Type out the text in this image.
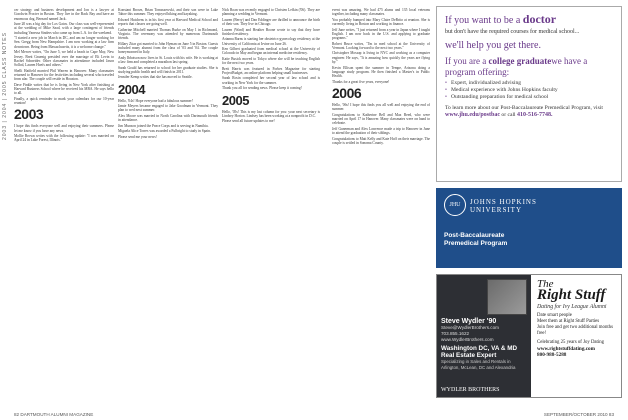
2003 | 2004 | 2005 CLASS NOTES

cer strategy and business development and Jon is a lawyer at Goodwin Procter in Boston. They live in the Back Bay and have an enormous dog, Bernard named Jack.

June 20 was a big day for Los Gatos. Our class was well-represented at the wedding of Mike Saad, with a large contingent of friends including Vanessa Sinders who came up from L.A. for the weekend.

"I started a new job in March in DC, and am no longer working for Sen. Gregg from New Hampshire. I am now working at a law firm downtown. Being from Massachusetts, it is a welcome change."

Mel Mercer writes, "On June 5, we held a beach in Cape May, New Jersey. Brett Gruenig presided over the marriage of Eli Levin to Rachel Schneider. Other classmates in attendance included Jason Sollod, Lauren Hoefs and others."

Shelli Hatfield married Phil Warren in Hanover. Many classmates returned to Hanover for the festivities including several who traveled from afar. The couple will reside in Houston.

Dave Finkle writes that he is living in New York after finishing at Harvard Business School where he received his MBA. He says hello to all.

Finally, a quick reminder to mark your calendars for our 10-year reunion!

2003

I hope this finds everyone well and enjoying their summers. Please let me know if you have any news.

Mollie Brown writes with the following update: "I was married on April 24 in Lake Forest, Illinois."

Konstant Brown, Brian Tomaszewski, and their son were in Lake Tahoe this summer. They enjoyed hiking and kayaking.

Edward Hutchens is in his first year at Harvard Medical School and reports that classes are going well.

Catherine Mitchell married Thomas Burke on May 1 in Richmond, Virginia. The ceremony was attended by numerous Dartmouth friends.

Hillary Zitar got married to John Hyman on June 5 in Boston. Guests included many alumni from the class of '03 and '04. The couple honeymooned in Italy.

Andy Ibbotson now lives in St. Louis with his wife. He is working at a law firm and completed a marathon last spring.

Sarah Gould has returned to school for her graduate studies. She is studying public health and will finish in 2011.

Jennifer Kemp writes that she has moved to Seattle.

2004

Hello, '04s! Hope everyone had a fabulous summer!

Jamie Meyers became engaged to Jake Goodman in Vermont. They plan to wed next summer.

Alex Moore was married in North Carolina with Dartmouth friends in attendance.

Jim Munson joined the Peace Corps and is serving in Namibia.

Miguela Alice Torres was awarded a Fulbright to study in Spain.

Please send me your news!

Nick Roan was recently engaged to Christen Lefkin ('06). They are planning a wedding in Vermont.

Lauren (Berry) and Dan Eddinger are thrilled to announce the birth of their son. They live in Chicago.

Lauren (Ward) and Heather Boone wrote to say that they have finished residency.

Arianna Barns is starting her obstetrics-gynecology residency at the University of California at Irvine on June 26.

Ken Gilbert graduated from medical school at the University of Colorado in May and began an internal medicine residency.

Katie Busick moved to Tokyo where she will be teaching English for the next two years.

Brett Harris was featured in Forbes Magazine for starting ProjectBudget, an online platform helping small businesses.

Sarah Rosin completed her second year of law school and is working in New York for the summer.

Thank you all for sending news. Please keep it coming!

2005

Hello, '05s! This is my last column for you: your next secretary is Lindsey Horton. Lindsey has been working at a nonprofit in D.C.

Please send all future updates to me!

event was amazing. We had 475 alums and 135 local veterans together, including many classmates.

You probably bumped into Mary Claire DeBrito at reunion. She is currently living in Boston and working in finance.

Jeff June writes, "I just returned from a year in Japan where I taught English. I am now back in the U.S. and applying to graduate programs."

Robert Bruce writes, "I'm in med school at the University of Vermont. Looking forward to the next two years."

Christopher Mossap is living in NYC and working as a computer engineer. He says, "It is amazing how quickly the years are flying by."

Kevin Ellison spent the summer in Tempe, Arizona doing a language study program. He then finished a Master's in Public Health.

Thanks for a great five years, everyone!

2006

Hello, '06s! I hope this finds you all well and enjoying the end of summer.

Congratulations to Katherine Bell and Max Reed, who were married on April 17 in Hanover. Many classmates were on hand to celebrate.

Jeff Gunerman and Alex Lawrence made a trip to Hanover in June to attend the graduation of their siblings.

Congratulations to Matt Kelly and Kate Hoff on their marriage. The couple is settled in Sonoma County.

If you want to be a doctor
but don't have the required courses for medical school...
we'll help you get there.
If you are a college graduatewe have a program offering:
• Expert, individualized advising
• Medical experience with Johns Hopkins faculty
• Outstanding preparation for medical school
To learn more about our Post-Baccalaureate Premedical Program, visit www.jhu.edu/postbac or call 410-516-7748.
JHU	JOHNS HOPKINS
UNIVERSITY
Post-Baccalaureate
Premedical Program
Steve Wydler '90
Steve@WydlerBrothers.com
703.855.1622
www.WydlerBrothers.com
Washington DC, VA & MD
Real Estate Expert
Specializing in Sales and Rentals in Arlington, McLean, DC and Alexandria
WYDLER BROTHERS
The
Right Stuff
Dating for Ivy League Alumni
Date smart people
Meet them at Right Stuff Parties
Join free and get two additional months free!
Celebrating 25 years of Joy Dating
www.rightstuffdating.com
800-988-5288
82 DARTMOUTH ALUMNI MAGAZINE	SEPTEMBER/OCTOBER 2010 83
